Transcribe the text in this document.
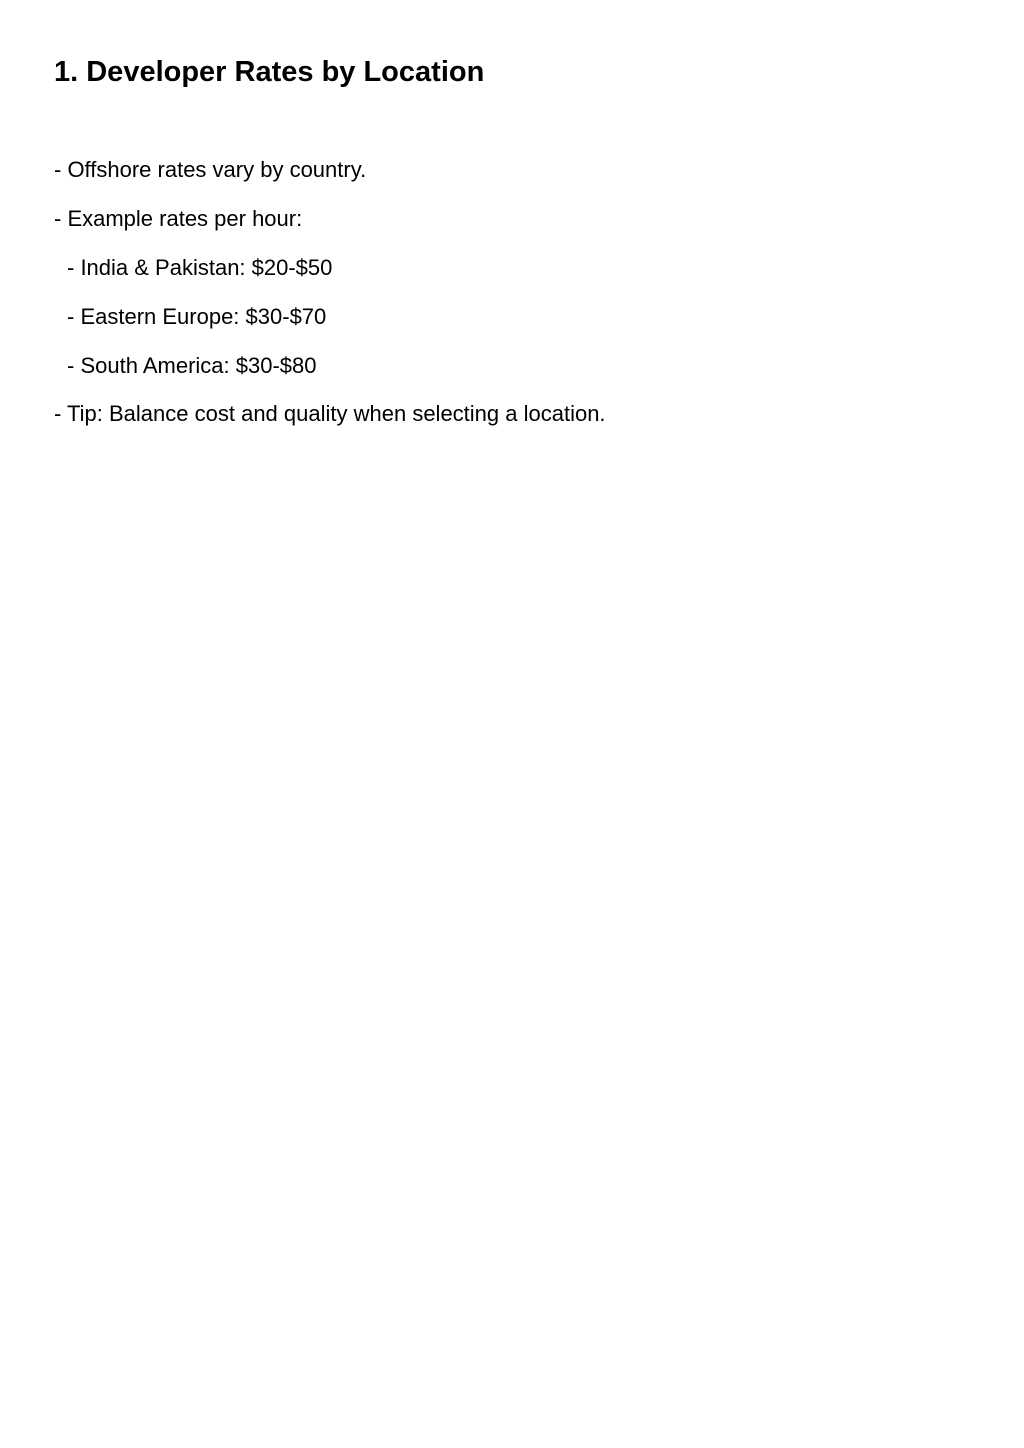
1. Developer Rates by Location

- Offshore rates vary by country.

- Example rates per hour:

- India & Pakistan: $20-$50

- Eastern Europe: $30-$70

- South America: $30-$80

- Tip: Balance cost and quality when selecting a location.
